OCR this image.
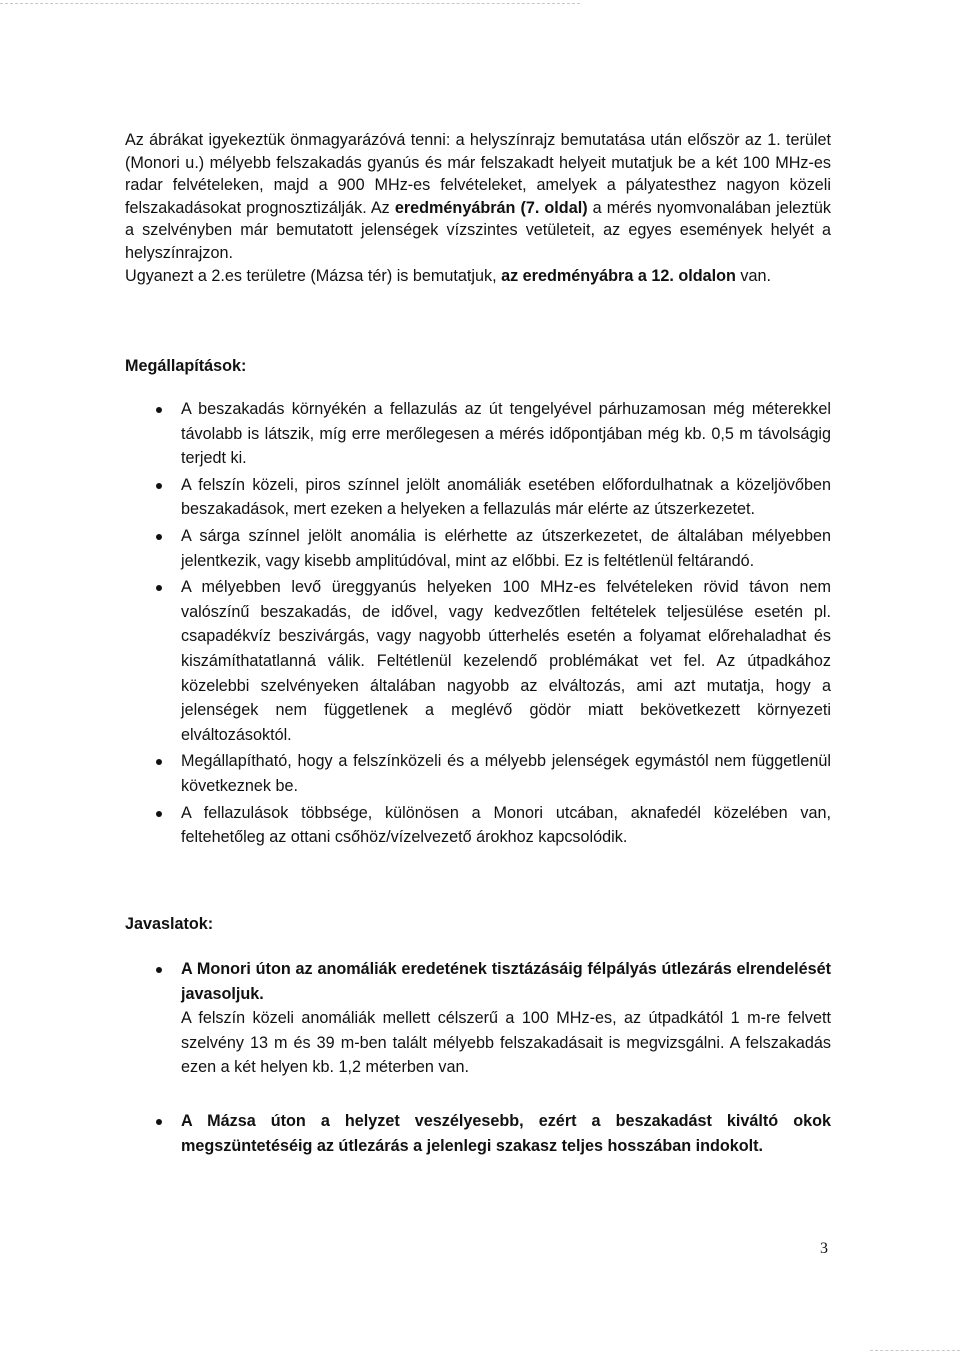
Az ábrákat igyekeztük önmagyarázóvá tenni: a helyszínrajz bemutatása után először az 1. terület (Monori u.) mélyebb felszakadás gyanús és már felszakadt helyeit mutatjuk be a két 100 MHz-es radar felvételeken, majd a 900 MHz-es felvételeket, amelyek a pályatesthez nagyon közeli felszakadásokat prognosztizálják. Az eredményábrán (7. oldal) a mérés nyomvonalában jeleztük a szelvényben már bemutatott jelenségek vízszintes vetületeit, az egyes események helyét a helyszínrajzon.

Ugyanezt a 2.es területre (Mázsa tér) is bemutatjuk, az eredményábra a 12. oldalon van.

Megállapítások:
A beszakadás környékén a fellazulás az út tengelyével párhuzamosan még méterekkel távolabb is látszik, míg erre merőlegesen a mérés időpontjában még kb. 0,5 m távolságig terjedt ki.
A felszín közeli, piros színnel jelölt anomáliák esetében előfordulhatnak a közeljövőben beszakadások, mert ezeken a helyeken a fellazulás már elérte az útszerkezetet.
A sárga színnel jelölt anomália is elérhette az útszerkezetet, de általában mélyebben jelentkezik, vagy kisebb amplitúdóval, mint az előbbi. Ez is feltétlenül feltárandó.
A mélyebben levő üreggyanús helyeken 100 MHz-es felvételeken rövid távon nem valószínű beszakadás, de idővel, vagy kedvezőtlen feltételek teljesülése esetén pl. csapadékvíz beszivárgás, vagy nagyobb útterhelés esetén a folyamat előrehaladhat és kiszámíthatatlanná válik. Feltétlenül kezelendő problémákat vet fel. Az útpadkához közelebbi szelvényeken általában nagyobb az elváltozás, ami azt mutatja, hogy a jelenségek nem függetlenek a meglévő gödör miatt bekövetkezett környezeti elváltozásoktól.
Megállapítható, hogy a felszínközeli és a mélyebb jelenségek egymástól nem függetlenül következnek be.
A fellazulások többsége, különösen a Monori utcában, aknafedél közelében van, feltehetőleg az ottani csőhöz/vízelvezető árokhoz kapcsolódik.
Javaslatok:
A Monori úton az anomáliák eredetének tisztázásáig félpályás útlezárás elrendelését javasoljuk.
A felszín közeli anomáliák mellett célszerű a 100 MHz-es, az útpadkától 1 m-re felvett szelvény 13 m és 39 m-ben talált mélyebb felszakadásait is megvizsgálni. A felszakadás ezen a két helyen kb. 1,2 méterben van.
A Mázsa úton a helyzet veszélyesebb, ezért a beszakadást kiváltó okok megszüntetéséig az útlezárás a jelenlegi szakasz teljes hosszában indokolt.
3
